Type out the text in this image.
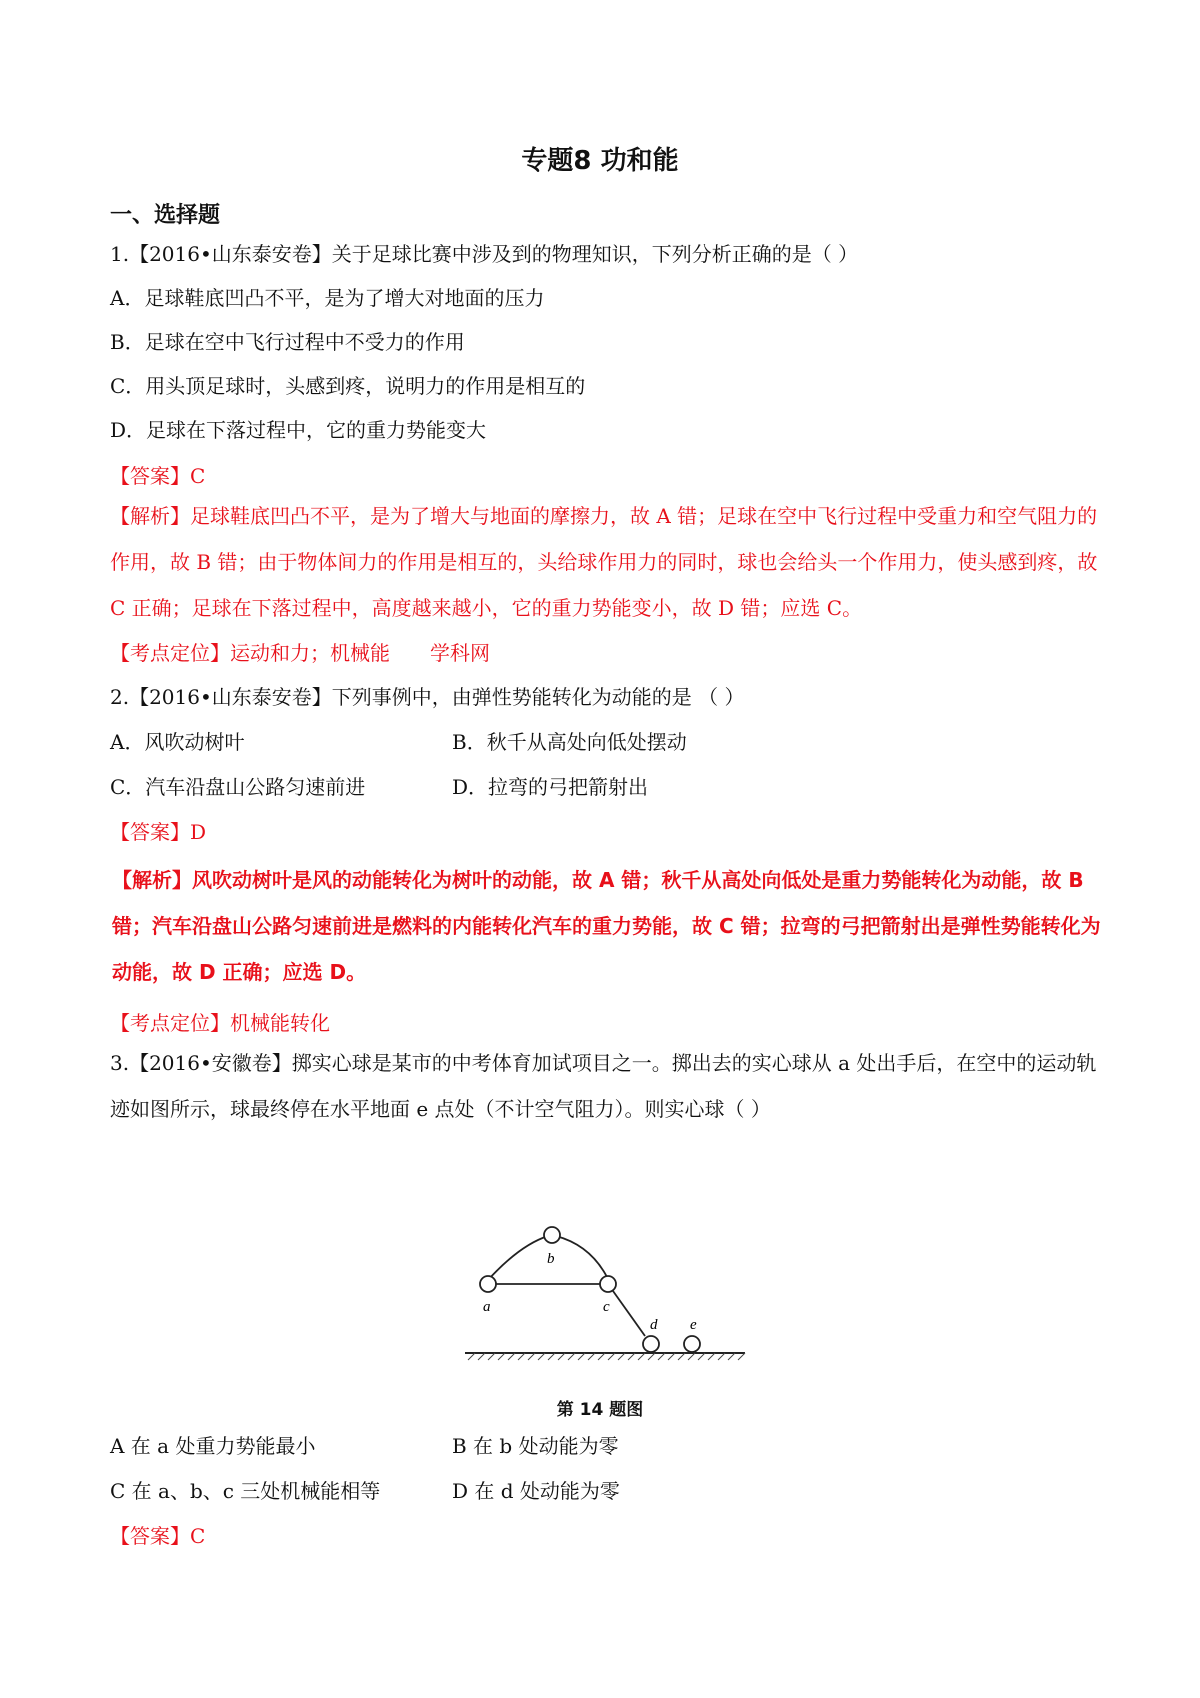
专题8 功和能
一、选择题
1.【2016•山东泰安卷】关于足球比赛中涉及到的物理知识，下列分析正确的是（ ）
A．足球鞋底凹凸不平，是为了增大对地面的压力
B．足球在空中飞行过程中不受力的作用
C．用头顶足球时，头感到疼，说明力的作用是相互的
D．足球在下落过程中，它的重力势能变大
【答案】C
【解析】足球鞋底凹凸不平，是为了增大与地面的摩擦力，故 A 错；足球在空中飞行过程中受重力和空气阻力的作用，故 B 错；由于物体间力的作用是相互的，头给球作用力的同时，球也会给头一个作用力，使头感到疼，故 C 正确；足球在下落过程中，高度越来越小，它的重力势能变小，故 D 错；应选 C。
【考点定位】运动和力；机械能 学科网
2.【2016•山东泰安卷】下列事例中，由弹性势能转化为动能的是 （ ）
A．风吹动树叶	B．秋千从高处向低处摆动
C．汽车沿盘山公路匀速前进	D．拉弯的弓把箭射出
【答案】D
【解析】风吹动树叶是风的动能转化为树叶的动能，故 A 错；秋千从高处向低处是重力势能转化为动能，故 B 错；汽车沿盘山公路匀速前进是燃料的内能转化汽车的重力势能，故 C 错；拉弯的弓把箭射出是弹性势能转化为动能，故 D 正确；应选 D。
【考点定位】机械能转化
3.【2016•安徽卷】掷实心球是某市的中考体育加试项目之一。掷出去的实心球从 a 处出手后，在空中的运动轨迹如图所示，球最终停在水平地面 e 点处（不计空气阻力）。则实心球（ ）
a
b
c
d e
第 14 题图
A 在 a 处重力势能最小	B 在 b 处动能为零
C 在 a、b、c 三处机械能相等	D 在 d 处动能为零
【答案】C
